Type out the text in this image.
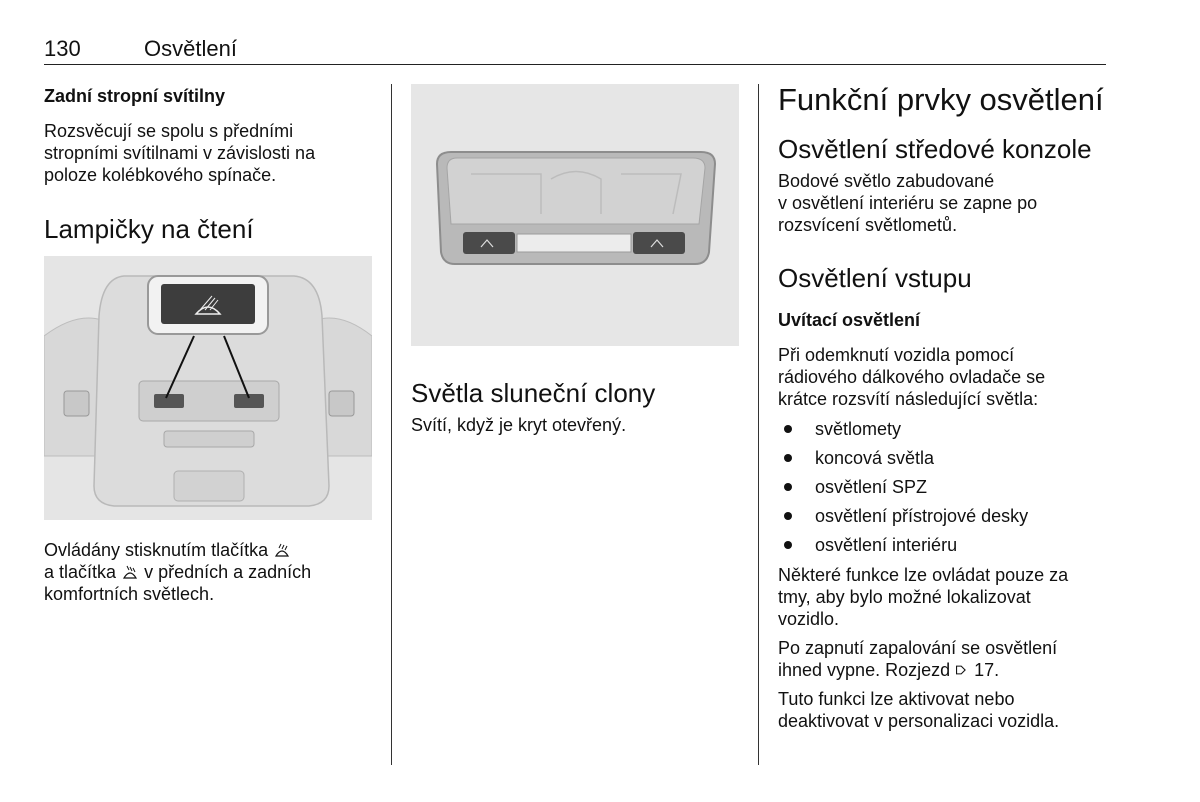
130	Osvětlení
Zadní stropní svítilny

Rozsvěcují se spolu s předními
stropními svítilnami v závislosti na
poloze kolébkového spínače.

Lampičky na čtení

Ovládány stisknutím tlačítka
a tlačítka v předních a zadních
komfortních světlech.

Světla sluneční clony

Svítí, když je kryt otevřený.

Funkční prvky osvětlení
Osvětlení středové konzole

Bodové světlo zabudované
v osvětlení interiéru se zapne po
rozsvícení světlometů.

Osvětlení vstupu
Uvítací osvětlení

Při odemknutí vozidla pomocí
rádiového dálkového ovladače se
krátce rozsvítí následující světla:

světlomety
koncová světla
osvětlení SPZ
osvětlení přístrojové desky
osvětlení interiéru

Některé funkce lze ovládat pouze za
tmy, aby bylo možné lokalizovat
vozidlo.

Po zapnutí zapalování se osvětlení
ihned vypne. Rozjezd 17.

Tuto funkci lze aktivovat nebo
deaktivovat v personalizaci vozidla.
